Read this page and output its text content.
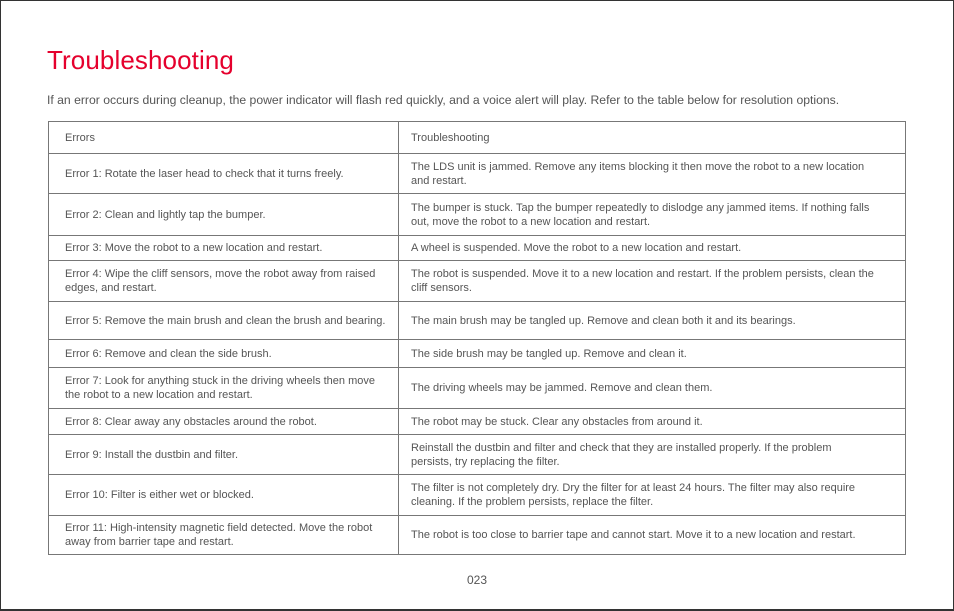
Troubleshooting

If an error occurs during cleanup, the power indicator will flash red quickly, and a voice alert will play. Refer to the table below for resolution options.

Errors	Troubleshooting
Error 1: Rotate the laser head to check that it turns freely.	The LDS unit is jammed. Remove any items blocking it then move the robot to a new location and restart.
Error 2: Clean and lightly tap the bumper.	The bumper is stuck. Tap the bumper repeatedly to dislodge any jammed items. If nothing falls out, move the robot to a new location and restart.
Error 3: Move the robot to a new location and restart.	A wheel is suspended. Move the robot to a new location and restart.
Error 4: Wipe the cliff sensors, move the robot away from raised edges, and restart.	The robot is suspended. Move it to a new location and restart. If the problem persists, clean the cliff sensors.
Error 5: Remove the main brush and clean the brush and bearing.	The main brush may be tangled up. Remove and clean both it and its bearings.
Error 6: Remove and clean the side brush.	The side brush may be tangled up. Remove and clean it.
Error 7: Look for anything stuck in the driving wheels then move the robot to a new location and restart.	The driving wheels may be jammed. Remove and clean them.
Error 8: Clear away any obstacles around the robot.	The robot may be stuck. Clear any obstacles from around it.
Error 9: Install the dustbin and filter.	Reinstall the dustbin and filter and check that they are installed properly. If the problem persists, try replacing the filter.
Error 10: Filter is either wet or blocked.	The filter is not completely dry. Dry the filter for at least 24 hours. The filter may also require cleaning. If the problem persists, replace the filter.
Error 11: High-intensity magnetic field detected. Move the robot away from barrier tape and restart.	The robot is too close to barrier tape and cannot start. Move it to a new location and restart.
023
